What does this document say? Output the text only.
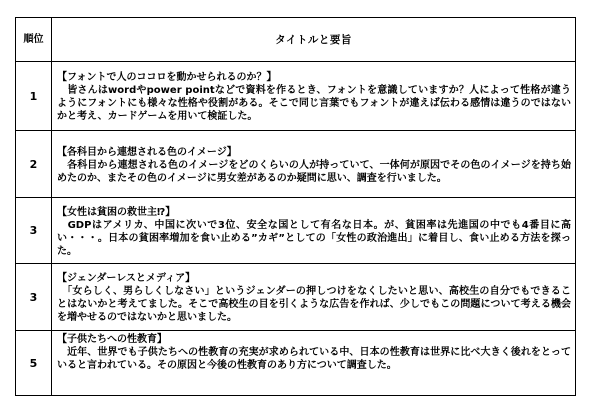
順位	タイトルと要旨
1	【フォントで人のココロを動かせられるのか？】
　皆さんはwordやpower pointなどで資料を作るとき、フォントを意識していますか？人によって性格が違うようにフォントにも様々な性格や役割がある。そこで同じ言葉でもフォントが違えば伝わる感情は違うのではないかと考え、カードゲームを用いて検証した。

2	【各科目から連想される色のイメージ】
　各科目から連想される色のイメージをどのくらいの人が持っていて、一体何が原因でその色のイメージを持ち始めたのか、またその色のイメージに男女差があるのか疑問に思い、調査を行いました。

3	【女性は貧困の救世主⁉】
　GDPはアメリカ、中国に次いで3位、安全な国として有名な日本。が、貧困率は先進国の中でも4番目に高い・・・。日本の貧困率増加を食い止める”カギ”としての「女性の政治進出」に着目し、食い止める方法を探った。

3	【ジェンダーレスとメディア】
　「女らしく、男らしくしなさい」というジェンダーの押しつけをなくしたいと思い、高校生の自分でもできることはないかと考えてました。そこで高校生の目を引くような広告を作れば、少しでもこの問題について考える機会を増やせるのではないかと思いました。

5	【子供たちへの性教育】
　近年、世界でも子供たちへの性教育の充実が求められている中、日本の性教育は世界に比べ大きく後れをとっていると言われている。その原因と今後の性教育のあり方について調査した。
